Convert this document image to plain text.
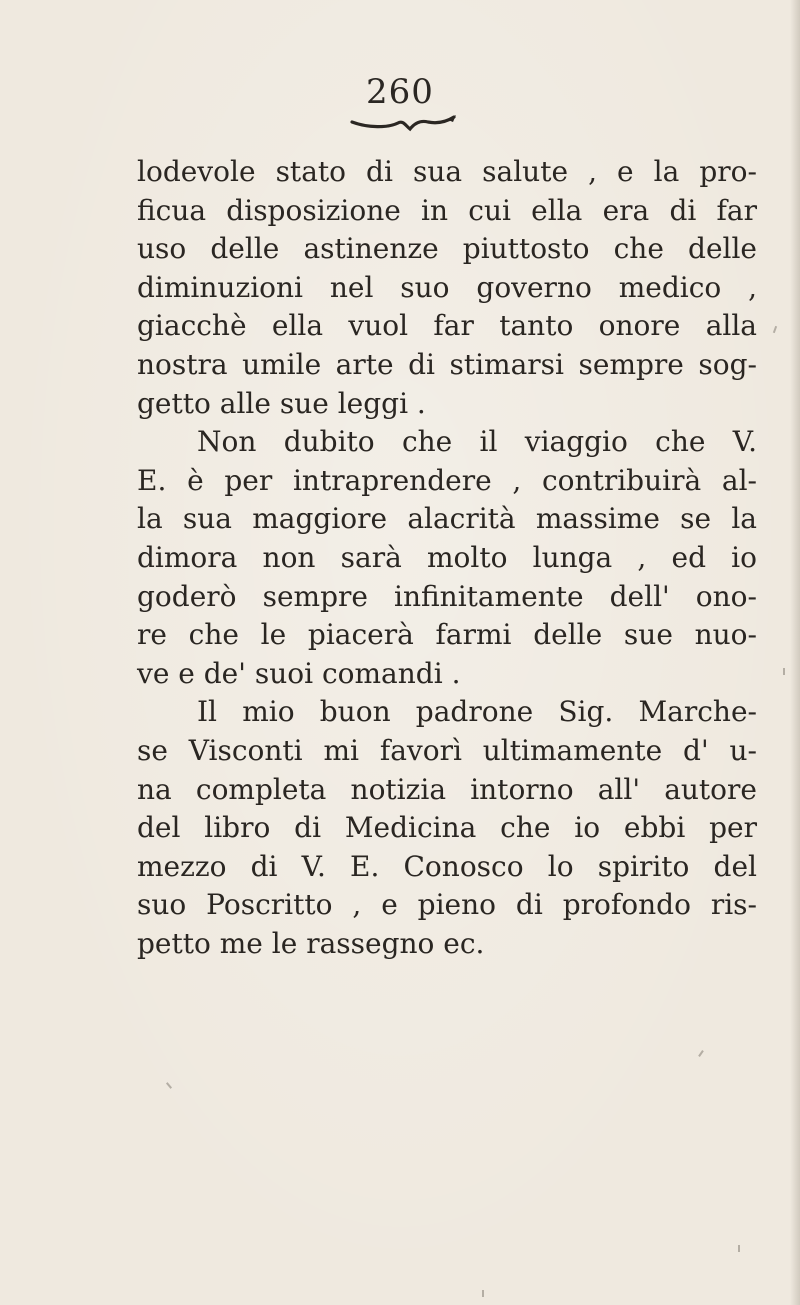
260
lodevole stato di sua salute , e la pro-
ficua disposizione in cui ella era di far
uso delle astinenze piuttosto che delle
diminuzioni nel suo governo medico ,
giacchè ella vuol far tanto onore alla
nostra umile arte di stimarsi sempre sog-
getto alle sue leggi .
Non dubito che il viaggio che V.
E. è per intraprendere , contribuirà al-
la sua maggiore alacrità massime se la
dimora non sarà molto lunga , ed io
goderò sempre infinitamente dell' ono-
re che le piacerà farmi delle sue nuo-
ve e de' suoi comandi .
Il mio buon padrone Sig. Marche-
se Visconti mi favorì ultimamente d' u-
na completa notizia intorno all' autore
del libro di Medicina che io ebbi per
mezzo di V. E. Conosco lo spirito del
suo Poscritto , e pieno di profondo ris-
petto me le rassegno ec.
